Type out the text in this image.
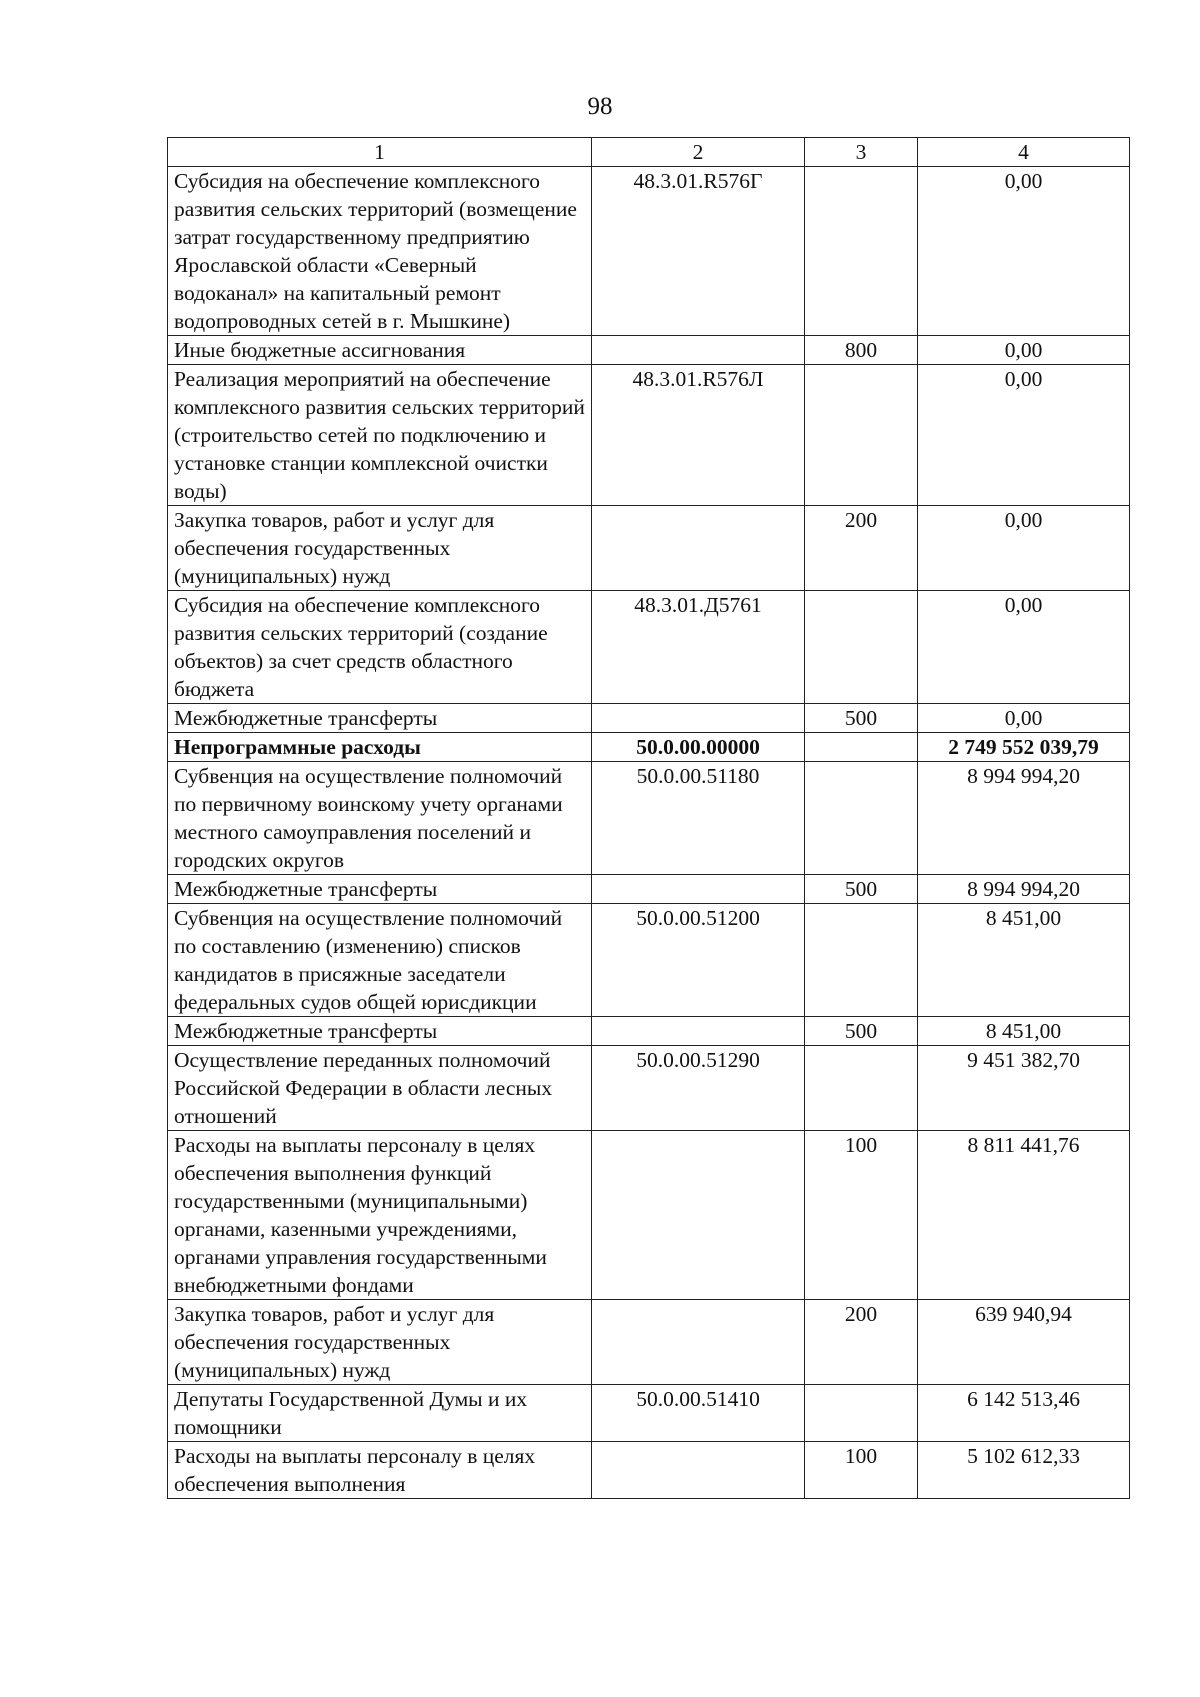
98
1	2	3	4
Субсидия на обеспечение комплексного развития сельских территорий (возмещение затрат государственному предприятию Ярославской области «Северный водоканал» на капитальный ремонт водопроводных сетей в г. Мышкине)	48.3.01.R576Г		0,00
Иные бюджетные ассигнования		800	0,00
Реализация мероприятий на обеспечение комплексного развития сельских территорий (строительство сетей по подключению и установке станции комплексной очистки воды)	48.3.01.R576Л		0,00
Закупка товаров, работ и услуг для обеспечения государственных (муниципальных) нужд		200	0,00
Субсидия на обеспечение комплексного развития сельских территорий (создание объектов) за счет средств областного бюджета	48.3.01.Д5761		0,00
Межбюджетные трансферты		500	0,00
Непрограммные расходы	50.0.00.00000		2 749 552 039,79
Субвенция на осуществление полномочий по первичному воинскому учету органами местного самоуправления поселений и городских округов	50.0.00.51180		8 994 994,20
Межбюджетные трансферты		500	8 994 994,20
Субвенция на осуществление полномочий по составлению (изменению) списков кандидатов в присяжные заседатели федеральных судов общей юрисдикции	50.0.00.51200		8 451,00
Межбюджетные трансферты		500	8 451,00
Осуществление переданных полномочий Российской Федерации в области лесных отношений	50.0.00.51290		9 451 382,70
Расходы на выплаты персоналу в целях обеспечения выполнения функций государственными (муниципальными) органами, казенными учреждениями, органами управления государственными внебюджетными фондами		100	8 811 441,76
Закупка товаров, работ и услуг для обеспечения государственных (муниципальных) нужд		200	639 940,94
Депутаты Государственной Думы и их помощники	50.0.00.51410		6 142 513,46
Расходы на выплаты персоналу в целях обеспечения выполнения		100	5 102 612,33
